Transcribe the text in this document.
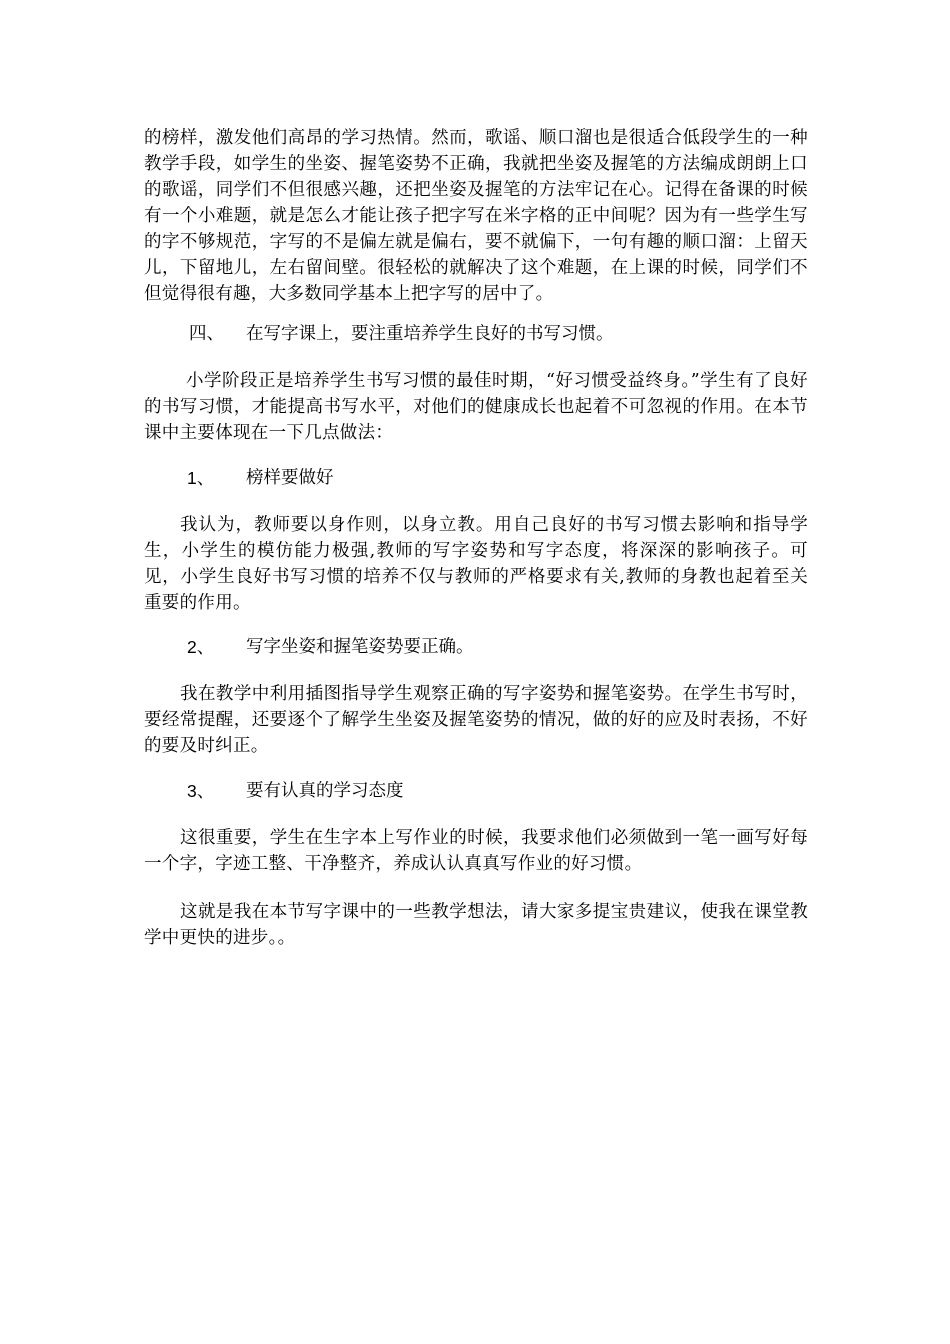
的榜样，激发他们高昂的学习热情。然而，歌谣、顺口溜也是很适合低段学生的一种教学手段，如学生的坐姿、握笔姿势不正确，我就把坐姿及握笔的方法编成朗朗上口的歌谣，同学们不但很感兴趣，还把坐姿及握笔的方法牢记在心。记得在备课的时候有一个小难题，就是怎么才能让孩子把字写在米字格的正中间呢？因为有一些学生写的字不够规范，字写的不是偏左就是偏右，要不就偏下，一句有趣的顺口溜：上留天儿，下留地儿，左右留间壁。很轻松的就解决了这个难题，在上课的时候，同学们不但觉得很有趣，大多数同学基本上把字写的居中了。

四、 在写字课上，要注重培养学生良好的书写习惯。

小学阶段正是培养学生书写习惯的最佳时期，“好习惯受益终身。”学生有了良好的书写习惯，才能提高书写水平，对他们的健康成长也起着不可忽视的作用。在本节课中主要体现在一下几点做法：

1、 榜样要做好

我认为，教师要以身作则，以身立教。用自己良好的书写习惯去影响和指导学生，小学生的模仿能力极强,教师的写字姿势和写字态度，将深深的影响孩子。可见，小学生良好书写习惯的培养不仅与教师的严格要求有关,教师的身教也起着至关重要的作用。

2、 写字坐姿和握笔姿势要正确。

我在教学中利用插图指导学生观察正确的写字姿势和握笔姿势。在学生书写时，要经常提醒，还要逐个了解学生坐姿及握笔姿势的情况，做的好的应及时表扬，不好的要及时纠正。

3、 要有认真的学习态度

这很重要，学生在生字本上写作业的时候，我要求他们必须做到一笔一画写好每一个字，字迹工整、干净整齐，养成认认真真写作业的好习惯。

这就是我在本节写字课中的一些教学想法，请大家多提宝贵建议，使我在课堂教学中更快的进步。。
